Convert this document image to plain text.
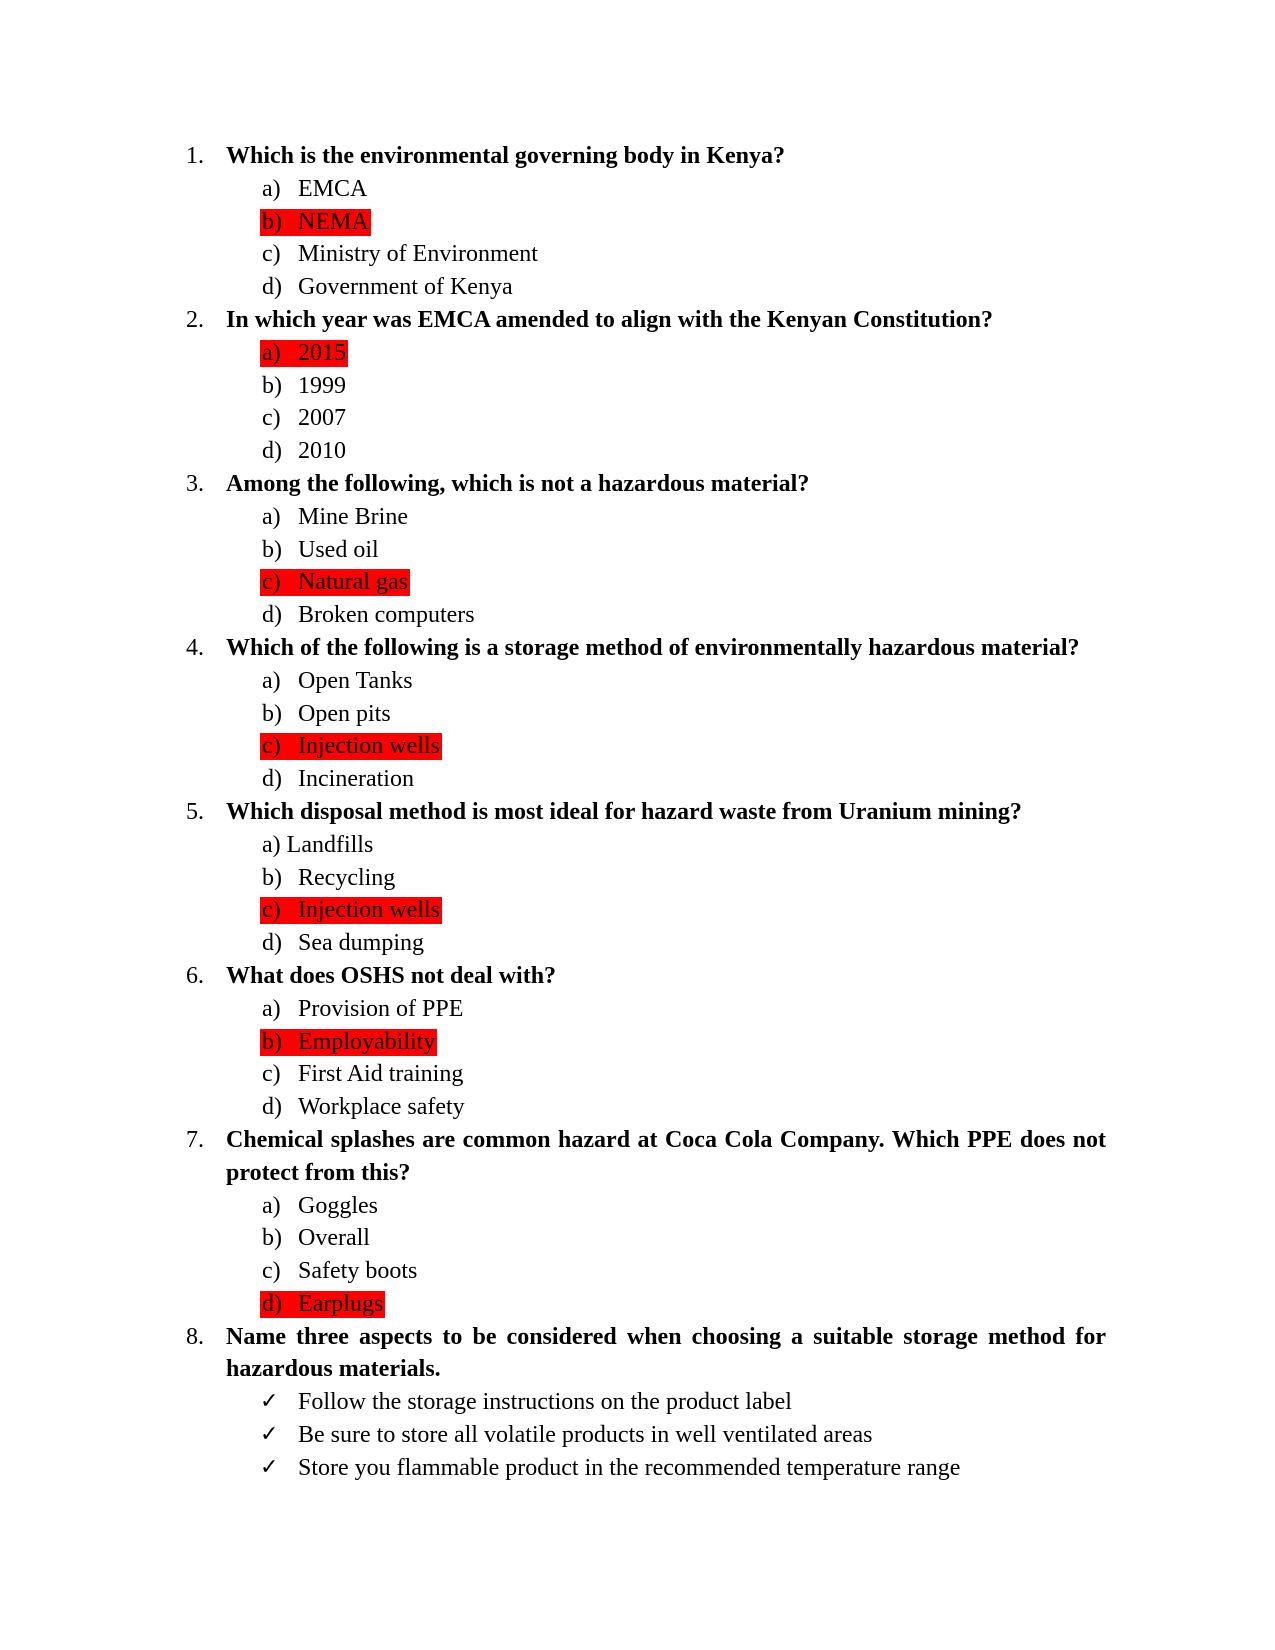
1. Which is the environmental governing body in Kenya?
a) EMCA
b) NEMA
c) Ministry of Environment
d) Government of Kenya
2. In which year was EMCA amended to align with the Kenyan Constitution?
a) 2015
b) 1999
c) 2007
d) 2010
3. Among the following, which is not a hazardous material?
a) Mine Brine
b) Used oil
c) Natural gas
d) Broken computers
4. Which of the following is a storage method of environmentally hazardous material?
a) Open Tanks
b) Open pits
c) Injection wells
d) Incineration
5. Which disposal method is most ideal for hazard waste from Uranium mining?
a) Landfills
b) Recycling
c) Injection wells
d) Sea dumping
6. What does OSHS not deal with?
a) Provision of PPE
b) Employability
c) First Aid training
d) Workplace safety
7. Chemical splashes are common hazard at Coca Cola Company. Which PPE does not protect from this?
a) Goggles
b) Overall
c) Safety boots
d) Earplugs
8. Name three aspects to be considered when choosing a suitable storage method for hazardous materials.
✓ Follow the storage instructions on the product label
✓ Be sure to store all volatile products in well ventilated areas
✓ Store you flammable product in the recommended temperature range
